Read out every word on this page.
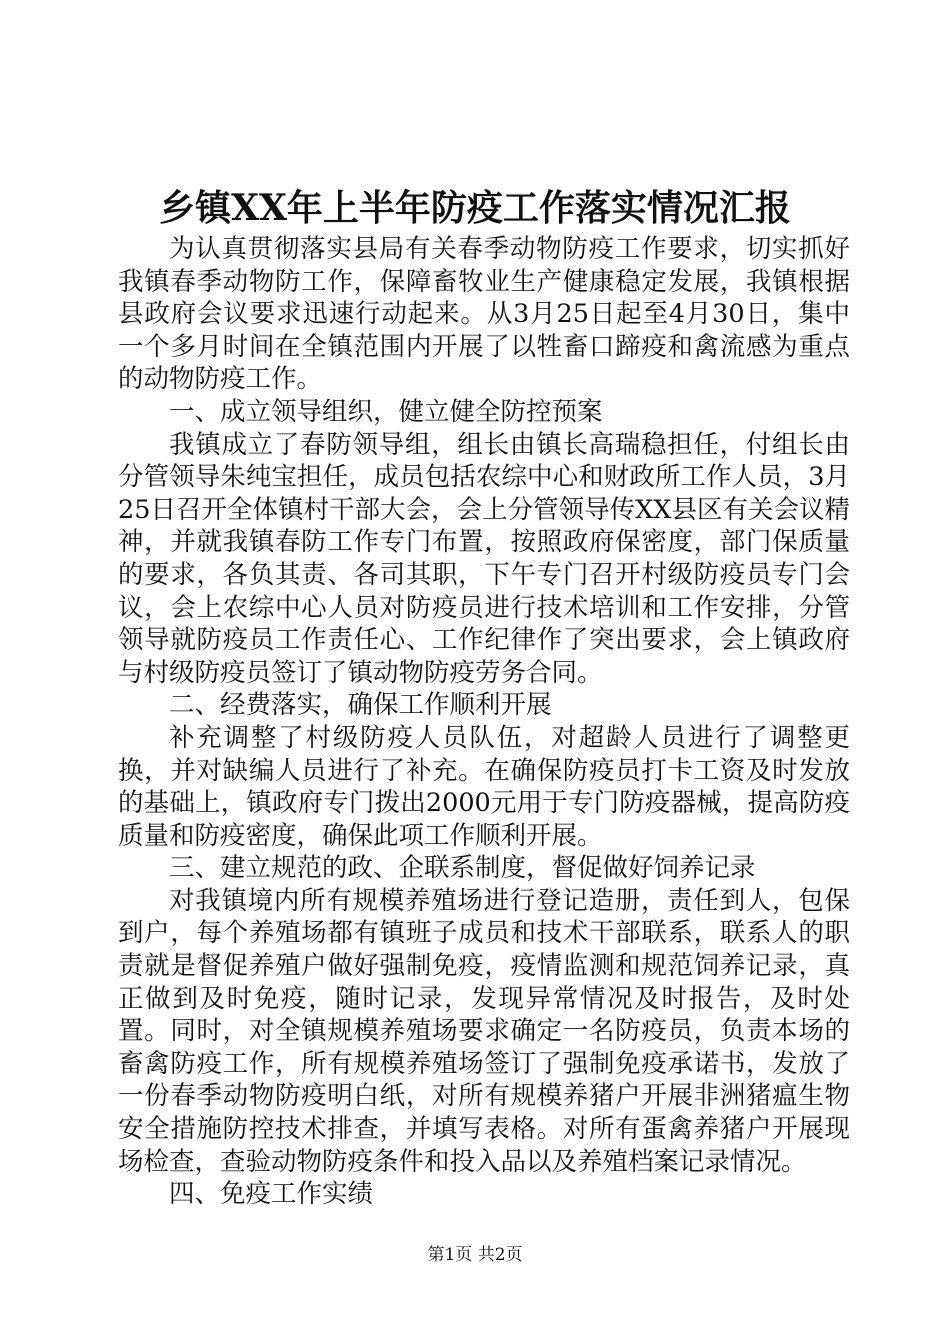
乡镇XX年上半年防疫工作落实情况汇报

为认真贯彻落实县局有关春季动物防疫工作要求，切实抓好我镇春季动物防工作，保障畜牧业生产健康稳定发展，我镇根据县政府会议要求迅速行动起来。从3月25日起至4月30日，集中一个多月时间在全镇范围内开展了以牲畜口蹄疫和禽流感为重点的动物防疫工作。

一、成立领导组织，健立健全防控预案

我镇成立了春防领导组，组长由镇长高瑞稳担任，付组长由分管领导朱纯宝担任，成员包括农综中心和财政所工作人员，3月25日召开全体镇村干部大会，会上分管领导传XX县区有关会议精神，并就我镇春防工作专门布置，按照政府保密度，部门保质量的要求，各负其责、各司其职，下午专门召开村级防疫员专门会议，会上农综中心人员对防疫员进行技术培训和工作安排，分管领导就防疫员工作责任心、工作纪律作了突出要求，会上镇政府与村级防疫员签订了镇动物防疫劳务合同。

二、经费落实，确保工作顺利开展

补充调整了村级防疫人员队伍，对超龄人员进行了调整更换，并对缺编人员进行了补充。在确保防疫员打卡工资及时发放的基础上，镇政府专门拨出2000元用于专门防疫器械，提高防疫质量和防疫密度，确保此项工作顺利开展。

三、建立规范的政、企联系制度，督促做好饲养记录

对我镇境内所有规模养殖场进行登记造册，责任到人，包保到户，每个养殖场都有镇班子成员和技术干部联系，联系人的职责就是督促养殖户做好强制免疫，疫情监测和规范饲养记录，真正做到及时免疫，随时记录，发现异常情况及时报告，及时处置。同时，对全镇规模养殖场要求确定一名防疫员，负责本场的畜禽防疫工作，所有规模养殖场签订了强制免疫承诺书，发放了一份春季动物防疫明白纸，对所有规模养猪户开展非洲猪瘟生物安全措施防控技术排查，并填写表格。对所有蛋禽养猪户开展现场检查，查验动物防疫条件和投入品以及养殖档案记录情况。

四、免疫工作实绩

第1页 共2页
